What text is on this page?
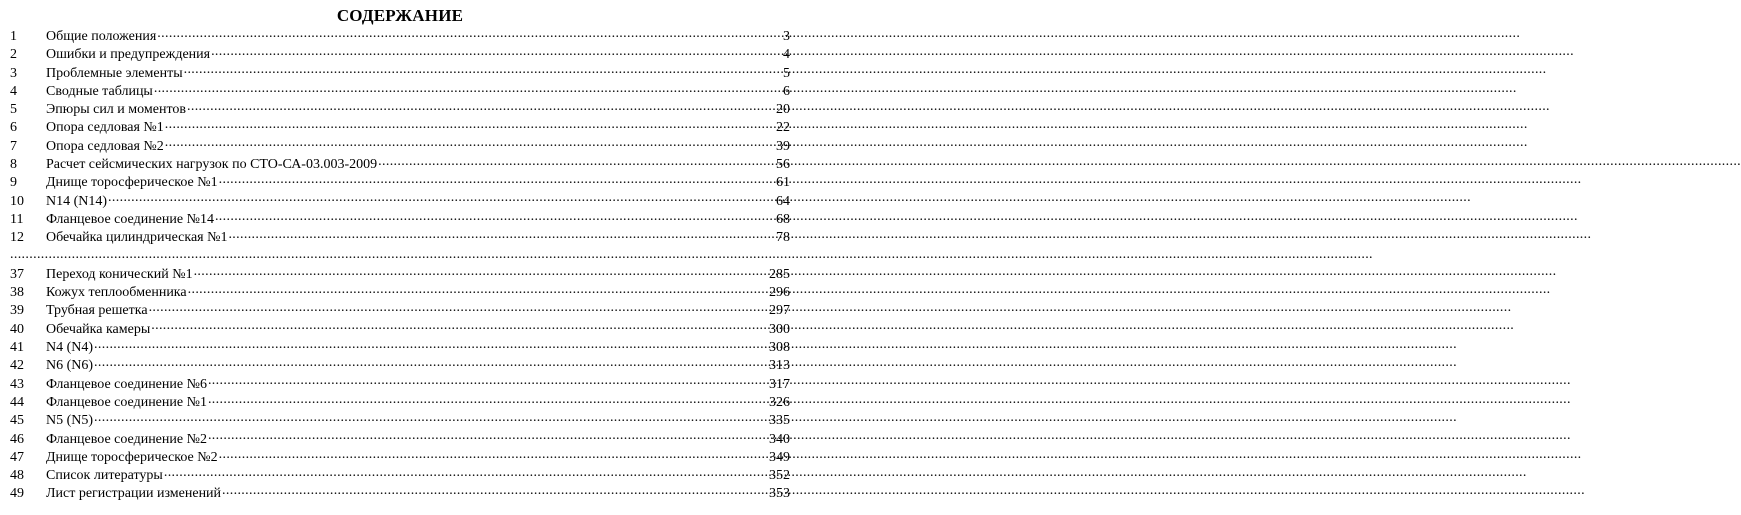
СОДЕРЖАНИЕ
1	Общие положения .....	3
2	Ошибки и предупреждения .....	4
3	Проблемные элементы .....	5
4	Сводные таблицы .....	6
5	Эпюры сил и моментов .....	20
6	Опора седловая №1 .....	22
7	Опора седловая №2 .....	39
8	Расчет сейсмических нагрузок по СТО-СА-03.003-2009 .....	56
9	Днище торосферическое №1 .....	61
10	N14 (N14) .....	64
11	Фланцевое соединение №14 .....	68
12	Обечайка цилиндрическая №1 .....	78
..................................................................................................................................................................................................................................................................................................................................................................
37	Переход конический №1 .....	285
38	Кожух теплообменника .....	296
39	Трубная решетка .....	297
40	Обечайка камеры .....	300
41	N4 (N4) .....	308
42	N6 (N6) .....	313
43	Фланцевое соединение №6 .....	317
44	Фланцевое соединение №1 .....	326
45	N5 (N5) .....	335
46	Фланцевое соединение №2 .....	340
47	Днище торосферическое №2 .....	349
48	Список литературы .....	352
49	Лист регистрации изменений .....	353
